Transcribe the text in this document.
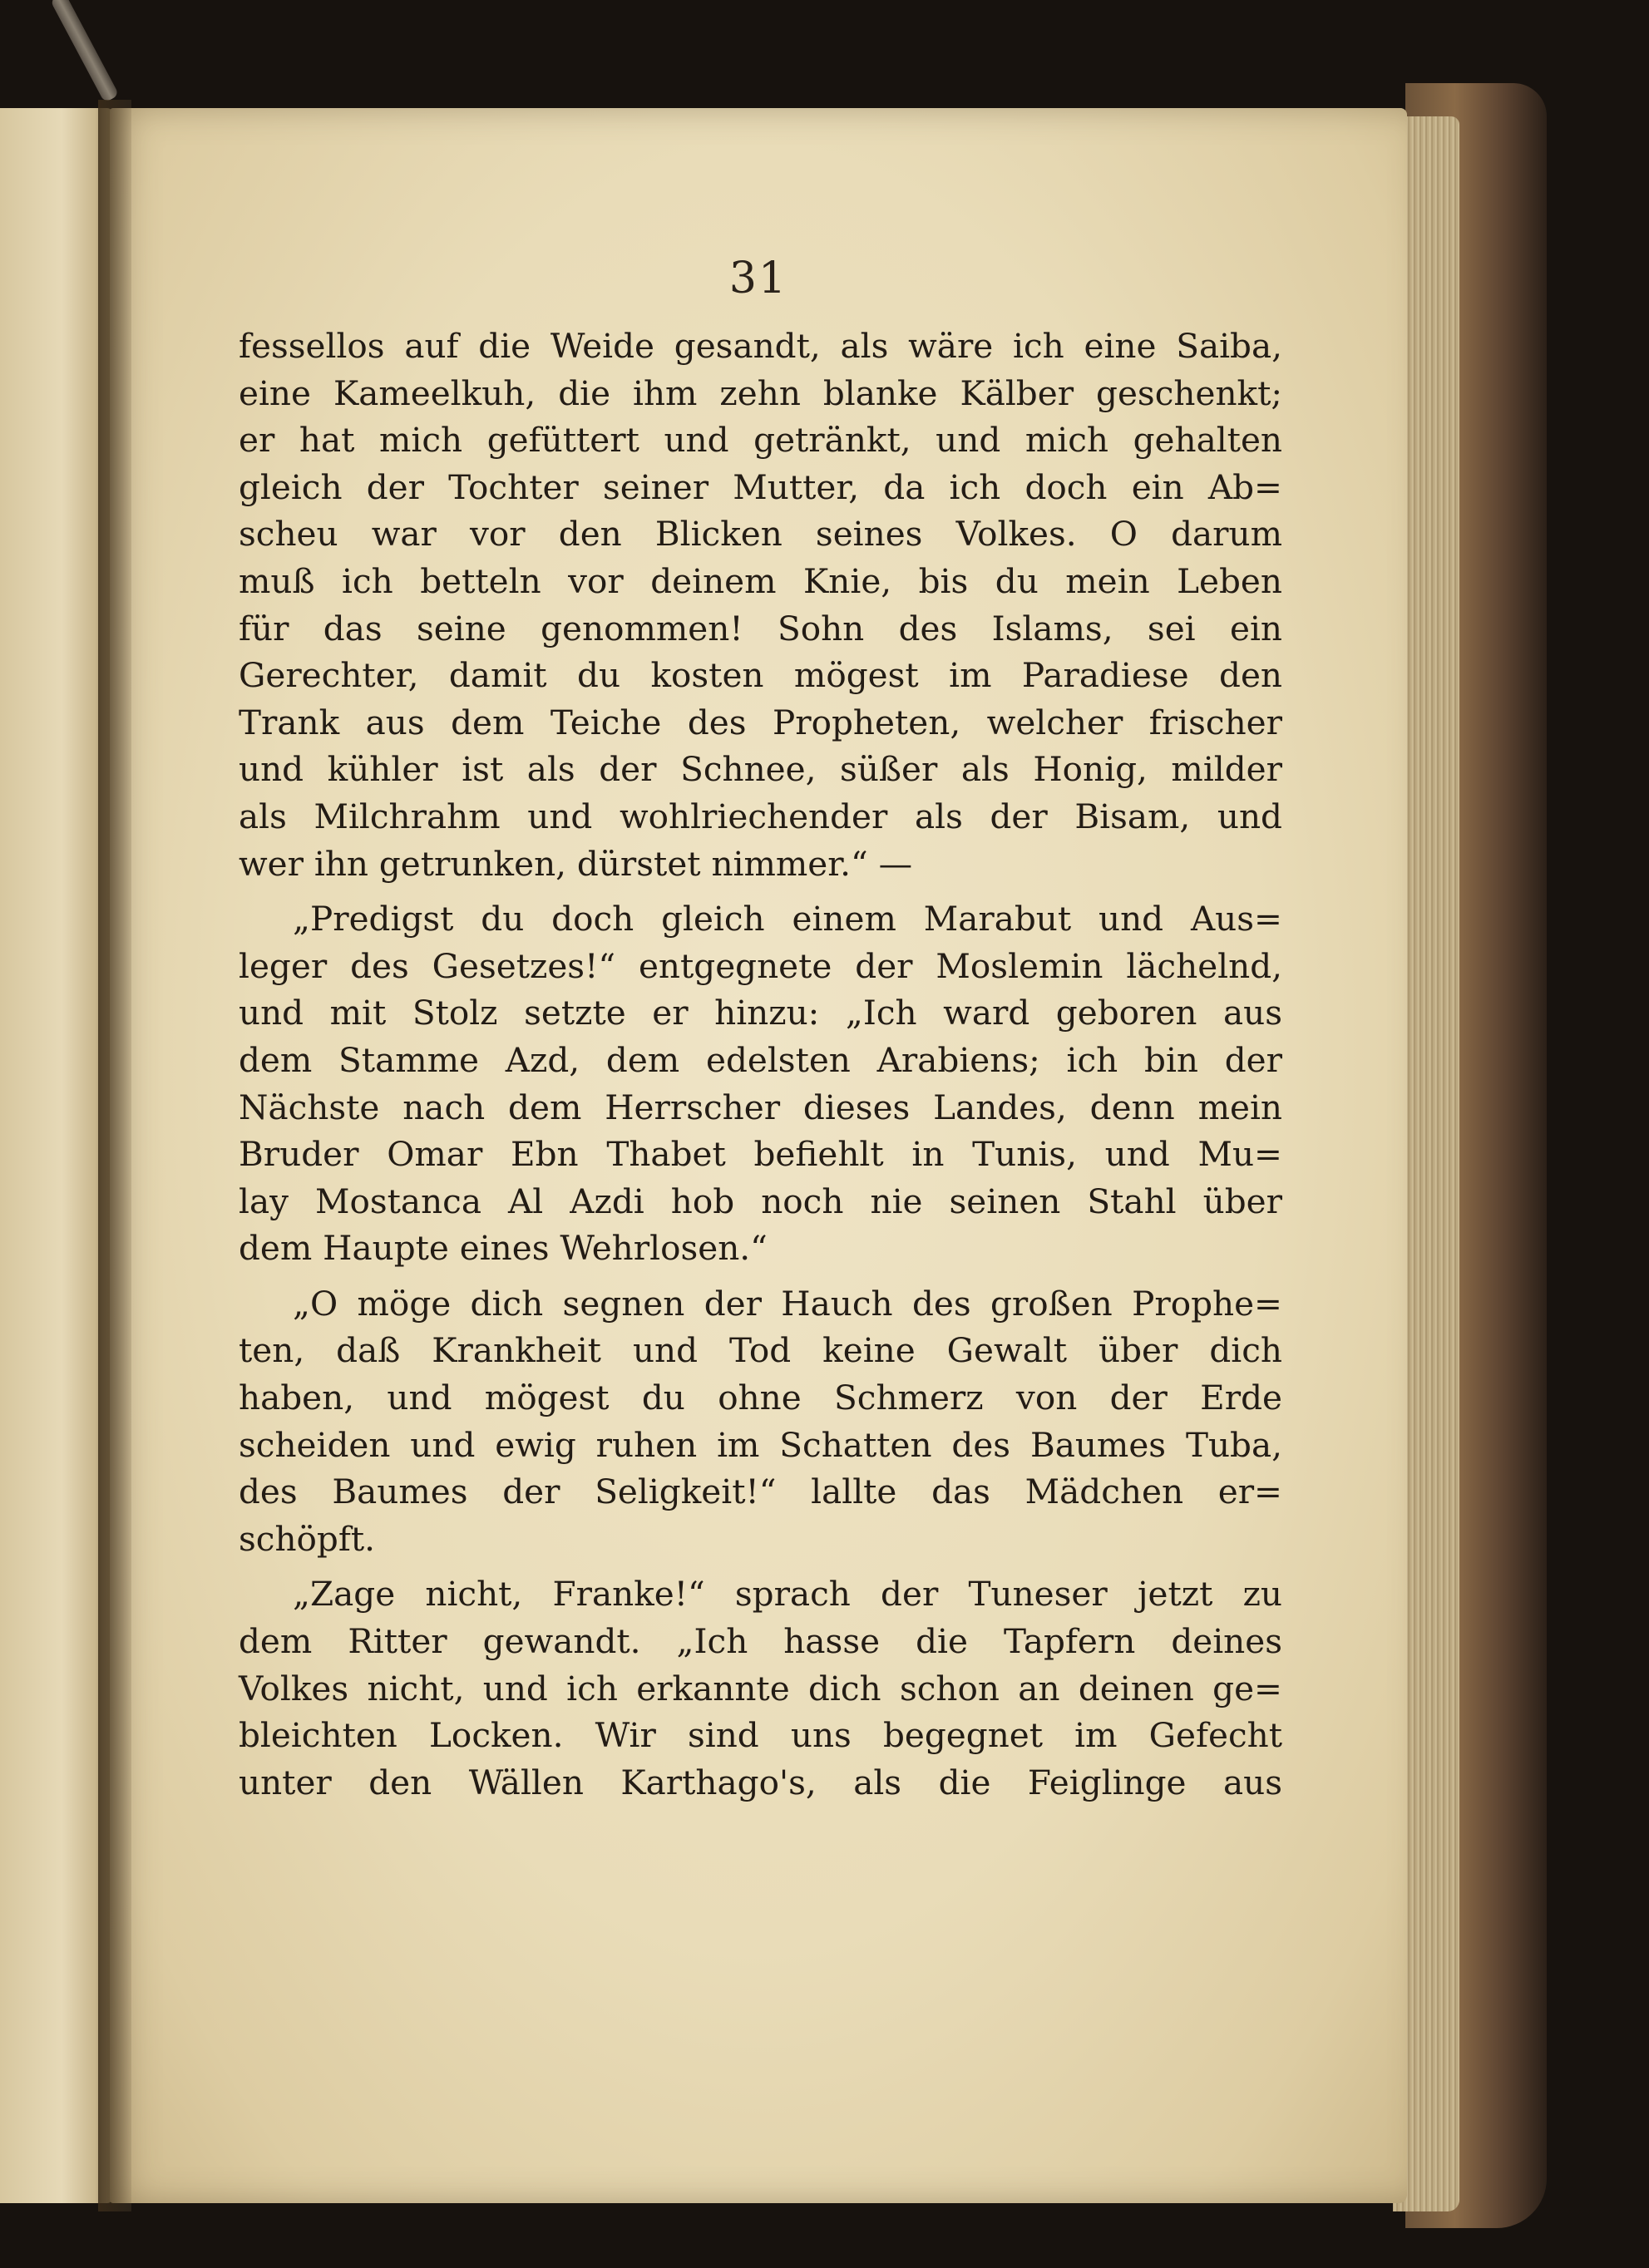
31
fessellos auf die Weide gesandt, als wäre ich eine Saiba,
eine Kameelkuh, die ihm zehn blanke Kälber geschenkt;
er hat mich gefüttert und getränkt, und mich gehalten
gleich der Tochter seiner Mutter, da ich doch ein Ab=
scheu war vor den Blicken seines Volkes. O darum
muß ich betteln vor deinem Knie, bis du mein Leben
für das seine genommen! Sohn des Islams, sei ein
Gerechter, damit du kosten mögest im Paradiese den
Trank aus dem Teiche des Propheten, welcher frischer
und kühler ist als der Schnee, süßer als Honig, milder
als Milchrahm und wohlriechender als der Bisam, und
wer ihn getrunken, dürstet nimmer.“ —
„Predigst du doch gleich einem Marabut und Aus=
leger des Gesetzes!“ entgegnete der Moslemin lächelnd,
und mit Stolz setzte er hinzu: „Ich ward geboren aus
dem Stamme Azd, dem edelsten Arabiens; ich bin der
Nächste nach dem Herrscher dieses Landes, denn mein
Bruder Omar Ebn Thabet befiehlt in Tunis, und Mu=
lay Mostanca Al Azdi hob noch nie seinen Stahl über
dem Haupte eines Wehrlosen.“
„O möge dich segnen der Hauch des großen Prophe=
ten, daß Krankheit und Tod keine Gewalt über dich
haben, und mögest du ohne Schmerz von der Erde
scheiden und ewig ruhen im Schatten des Baumes Tuba,
des Baumes der Seligkeit!“ lallte das Mädchen er=
schöpft.
„Zage nicht, Franke!“ sprach der Tuneser jetzt zu
dem Ritter gewandt. „Ich hasse die Tapfern deines
Volkes nicht, und ich erkannte dich schon an deinen ge=
bleichten Locken. Wir sind uns begegnet im Gefecht
unter den Wällen Karthago's, als die Feiglinge aus
